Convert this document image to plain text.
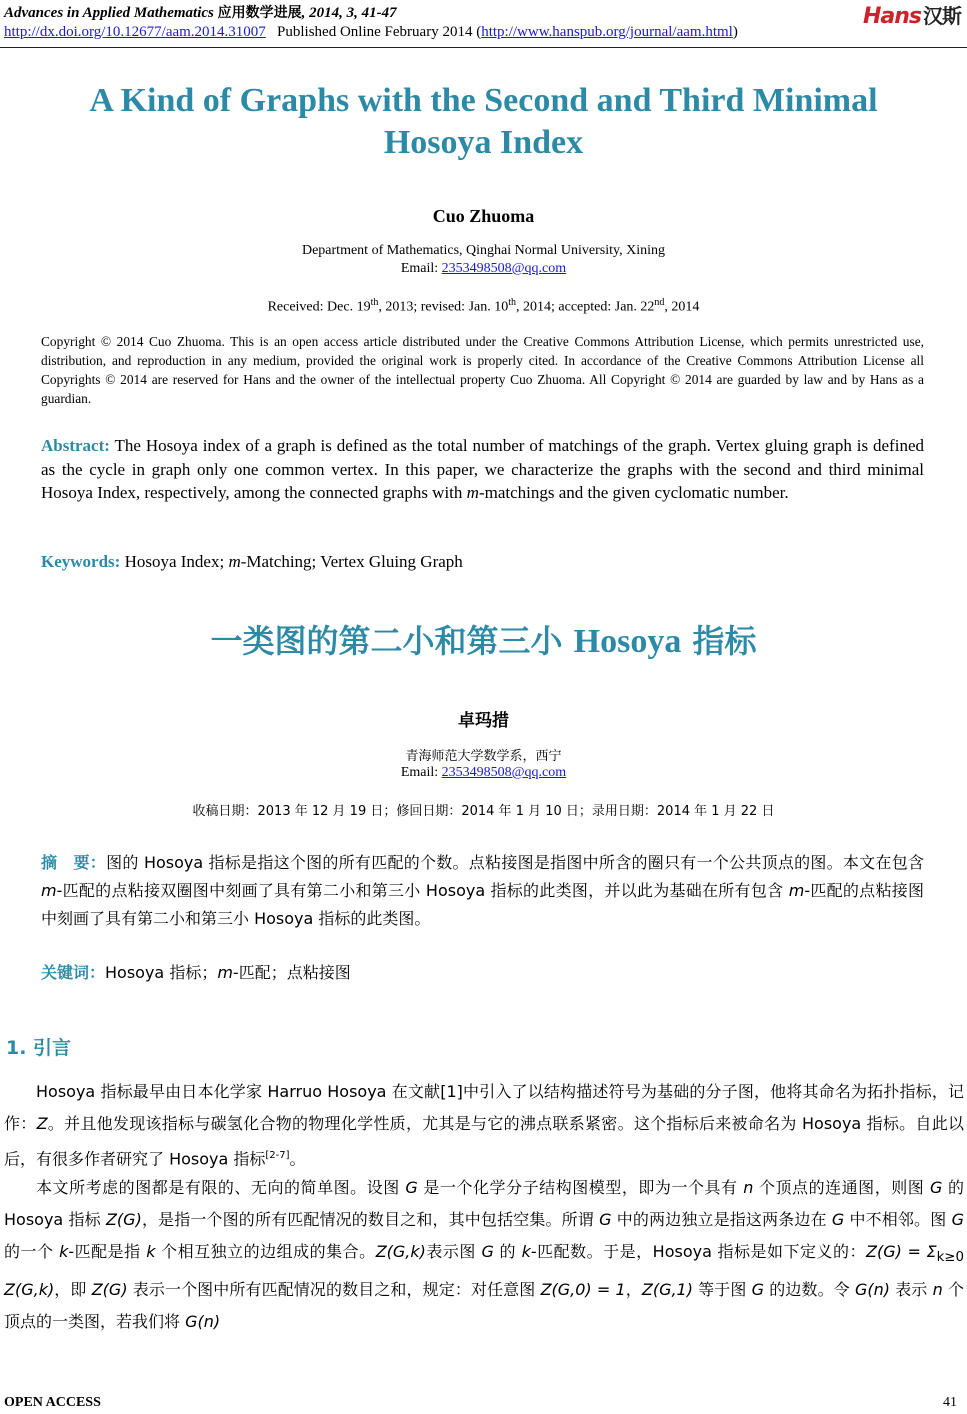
Advances in Applied Mathematics 应用数学进展, 2014, 3, 41-47
http://dx.doi.org/10.12677/aam.2014.31007 Published Online February 2014 (http://www.hanspub.org/journal/aam.html)
Hans 汉斯
A Kind of Graphs with the Second and Third Minimal
Hosoya Index
Cuo Zhuoma
Department of Mathematics, Qinghai Normal University, Xining
Email: 2353498508@qq.com
Received: Dec. 19th, 2013; revised: Jan. 10th, 2014; accepted: Jan. 22nd, 2014
Copyright © 2014 Cuo Zhuoma. This is an open access article distributed under the Creative Commons Attribution License, which permits unrestricted use, distribution, and reproduction in any medium, provided the original work is properly cited. In accordance of the Creative Commons Attribution License all Copyrights © 2014 are reserved for Hans and the owner of the intellectual property Cuo Zhuoma. All Copyright © 2014 are guarded by law and by Hans as a guardian.
Abstract: The Hosoya index of a graph is defined as the total number of matchings of the graph. Vertex gluing graph is defined as the cycle in graph only one common vertex. In this paper, we characterize the graphs with the second and third minimal Hosoya Index, respectively, among the connected graphs with m-matchings and the given cyclomatic number.
Keywords: Hosoya Index; m-Matching; Vertex Gluing Graph
一类图的第二小和第三小 Hosoya 指标
卓玛措
青海师范大学数学系，西宁
Email: 2353498508@qq.com
收稿日期：2013 年 12 月 19 日；修回日期：2014 年 1 月 10 日；录用日期：2014 年 1 月 22 日
摘　要：图的 Hosoya 指标是指这个图的所有匹配的个数。点粘接图是指图中所含的圈只有一个公共顶点的图。本文在包含 m-匹配的点粘接双圈图中刻画了具有第二小和第三小 Hosoya 指标的此类图，并以此为基础在所有包含 m-匹配的点粘接图中刻画了具有第二小和第三小 Hosoya 指标的此类图。
关键词：Hosoya 指标；m-匹配；点粘接图
1. 引言
Hosoya 指标最早由日本化学家 Harruo Hosoya 在文献[1]中引入了以结构描述符号为基础的分子图，他将其命名为拓扑指标，记作：Z。并且他发现该指标与碳氢化合物的物理化学性质，尤其是与它的沸点联系紧密。这个指标后来被命名为 Hosoya 指标。自此以后，有很多作者研究了 Hosoya 指标[2-7]。
本文所考虑的图都是有限的、无向的简单图。设图 G 是一个化学分子结构图模型，即为一个具有 n 个顶点的连通图，则图 G 的 Hosoya 指标 Z(G)，是指一个图的所有匹配情况的数目之和，其中包括空集。所谓 G 中的两边独立是指这两条边在 G 中不相邻。图 G 的一个 k-匹配是指 k 个相互独立的边组成的集合。Z(G,k)表示图 G 的 k-匹配数。于是，Hosoya 指标是如下定义的：$Z(G) = \Sigma_{k\ge 0}$ Z(G,k)，即 Z(G) 表示一个图中所有匹配情况的数目之和，规定：对任意图 Z(G,0) = 1，Z(G,1) 等于图 G 的边数。令 G(n) 表示 n 个顶点的一类图，若我们将 G(n)
OPEN ACCESS	41
